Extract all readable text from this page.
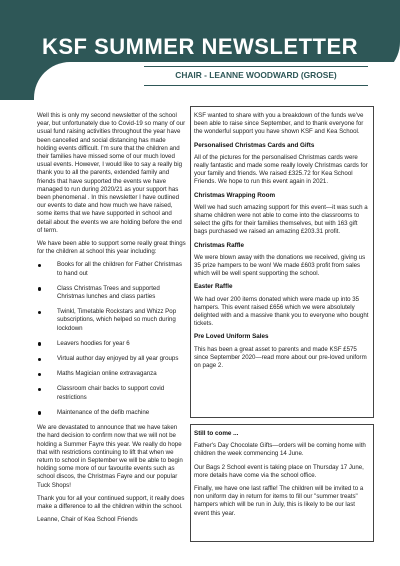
KSF SUMMER NEWSLETTER
CHAIR - LEANNE WOODWARD (GROSE)

Well this is only my second newsletter of the school year, but unfortunately due to Covid-19 so many of our usual fund raising activities throughout the year have been cancelled and social distancing has made holding events difficult. I'm sure that the children and their families have missed some of our much loved usual events. However, I would like to say a really big thank you to all the parents, extended family and friends that have supported the events we have managed to run during 2020/21 as your support has been phenomenal . In this newsletter I have outlined our events to date and how much we have raised, some items that we have supported in school and detail about the events we are holding before the end of term.

We have been able to support some really great things for the children at school this year including:

Books for all the children for Father Christmas to hand out
Class Christmas Trees and supported Christmas lunches and class parties
Twinkl, Timetable Rockstars and Whizz Pop subscriptions, which helped so much during lockdown
Leavers hoodies for year 6
Virtual author day enjoyed by all year groups
Maths Magician online extravaganza
Classroom chair backs to support covid restrictions
Maintenance of the defib machine

We are devastated to announce that we have taken the hard decision to confirm now that we will not be holding a Summer Fayre this year. We really do hope that with restrictions continuing to lift that when we return to school in September we will be able to begin holding some more of our favourite events such as school discos, the Christmas Fayre and our popular Tuck Shops!

Thank you for all your continued support, it really does make a difference to all the children within the school.

Leanne, Chair of Kea School Friends

KSF wanted to share with you a breakdown of the funds we've been able to raise since September, and to thank everyone for the wonderful support you have shown KSF and Kea School.

Personalised Christmas Cards and Gifts

All of the pictures for the personalised Christmas cards were really fantastic and made some really lovely Christmas cards for your family and friends. We raised £325.72 for Kea School Friends. We hope to run this event again in 2021.

Christmas Wrapping Room

Well we had such amazing support for this event—it was such a shame children were not able to come into the classrooms to select the gifts for their families themselves, but with 163 gift bags purchased we raised an amazing £203.31 profit.

Christmas Raffle

We were blown away with the donations we received, giving us 35 prize hampers to be won! We made £603 profit from sales which will be well spent supporting the school.

Easter Raffle

We had over 200 items donated which were made up into 35 hampers. This event raised £656 which we were absolutely delighted with and a massive thank you to everyone who bought tickets.

Pre Loved Uniform Sales

This has been a great asset to parents and made KSF £575 since September 2020—read more about our pre-loved uniform on page 2.

Still to come ...

Father's Day Chocolate Gifts—orders will be coming home with children the week commencing 14 June.

Our Bags 2 School event is taking place on Thursday 17 June, more details have come via the school office.

Finally, we have one last raffle! The children will be invited to a non uniform day in return for items to fill our "summer treats" hampers which will be run in July, this is likely to be our last event this year.
